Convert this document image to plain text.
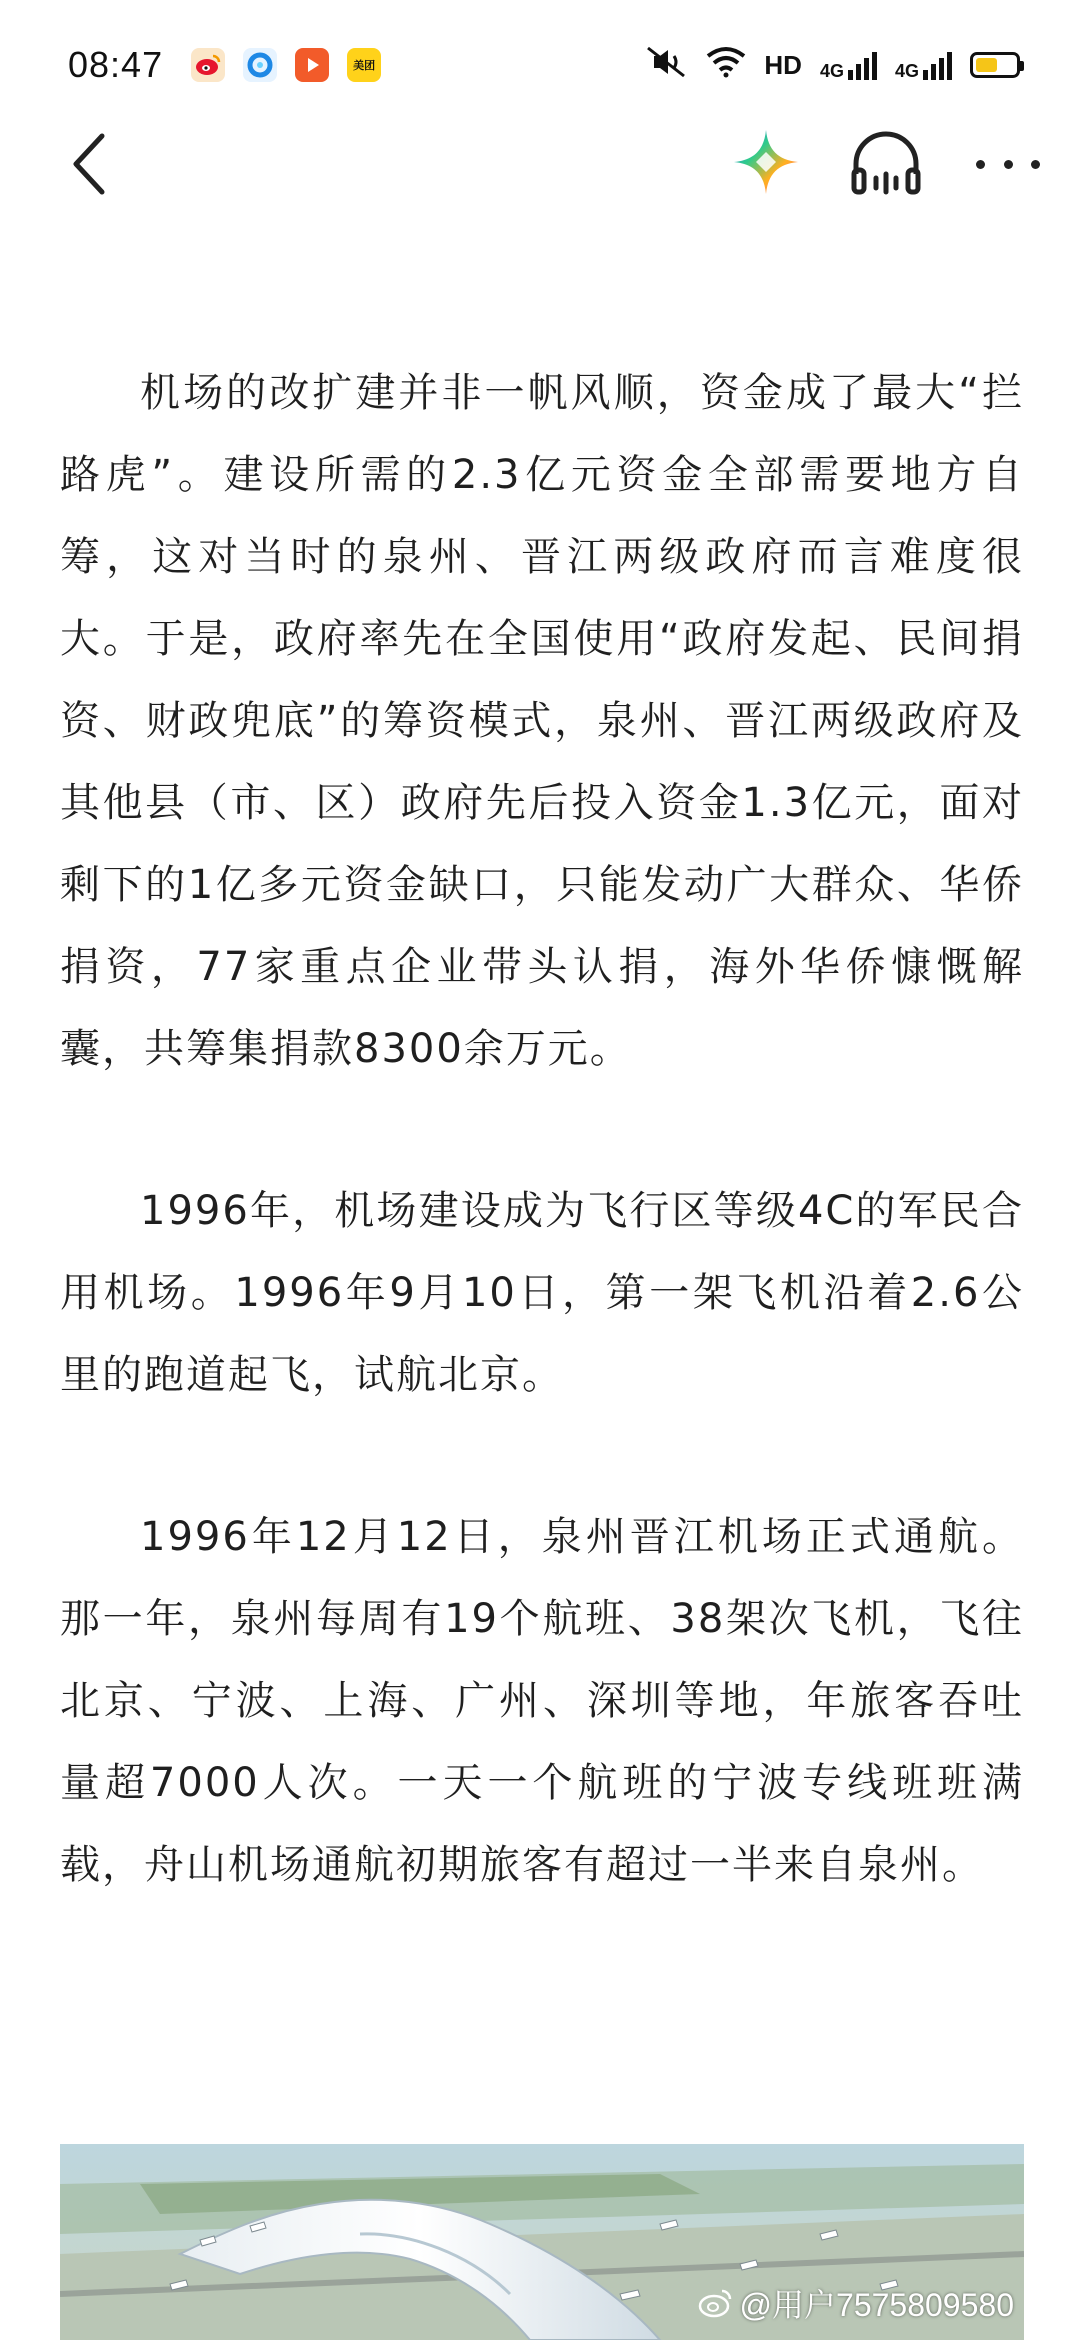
08:47	美团	HD 4G	4G

机场的改扩建并非一帆风顺，资金成了最大“拦路虎”。建设所需的2.3亿元资金全部需要地方自筹，这对当时的泉州、晋江两级政府而言难度很大。于是，政府率先在全国使用“政府发起、民间捐资、财政兜底”的筹资模式，泉州、晋江两级政府及其他县（市、区）政府先后投入资金1.3亿元，面对剩下的1亿多元资金缺口，只能发动广大群众、华侨捐资，77家重点企业带头认捐，海外华侨慷慨解囊，共筹集捐款8300余万元。

1996年，机场建设成为飞行区等级4C的军民合用机场。1996年9月10日，第一架飞机沿着2.6公里的跑道起飞，试航北京。

1996年12月12日，泉州晋江机场正式通航。那一年，泉州每周有19个航班、38架次飞机，飞往北京、宁波、上海、广州、深圳等地，年旅客吞吐量超7000人次。一天一个航班的宁波专线班班满载，舟山机场通航初期旅客有超过一半来自泉州。

@用户7575809580
